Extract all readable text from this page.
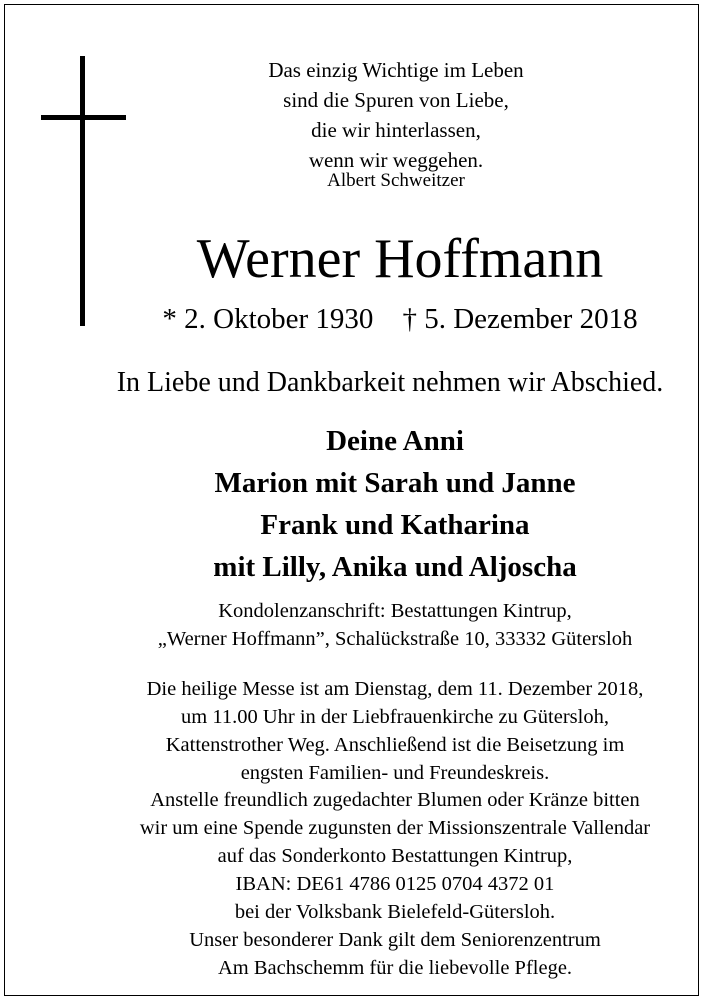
Das einzig Wichtige im Leben
sind die Spuren von Liebe,
die wir hinterlassen,
wenn wir weggehen.
Albert Schweitzer
Werner Hoffmann
* 2. Oktober 1930 † 5. Dezember 2018
In Liebe und Dankbarkeit nehmen wir Abschied.
Deine Anni
Marion mit Sarah und Janne
Frank und Katharina
mit Lilly, Anika und Aljoscha
Kondolenzanschrift: Bestattungen Kintrup,
„Werner Hoffmann”, Schalückstraße 10, 33332 Gütersloh
Die heilige Messe ist am Dienstag, dem 11. Dezember 2018,
um 11.00 Uhr in der Liebfrauenkirche zu Gütersloh,
Kattenstrother Weg. Anschließend ist die Beisetzung im
engsten Familien- und Freundeskreis.
Anstelle freundlich zugedachter Blumen oder Kränze bitten
wir um eine Spende zugunsten der Missionszentrale Vallendar
auf das Sonderkonto Bestattungen Kintrup,
IBAN: DE61 4786 0125 0704 4372 01
bei der Volksbank Bielefeld-Gütersloh.
Unser besonderer Dank gilt dem Seniorenzentrum
Am Bachschemm für die liebevolle Pflege.
